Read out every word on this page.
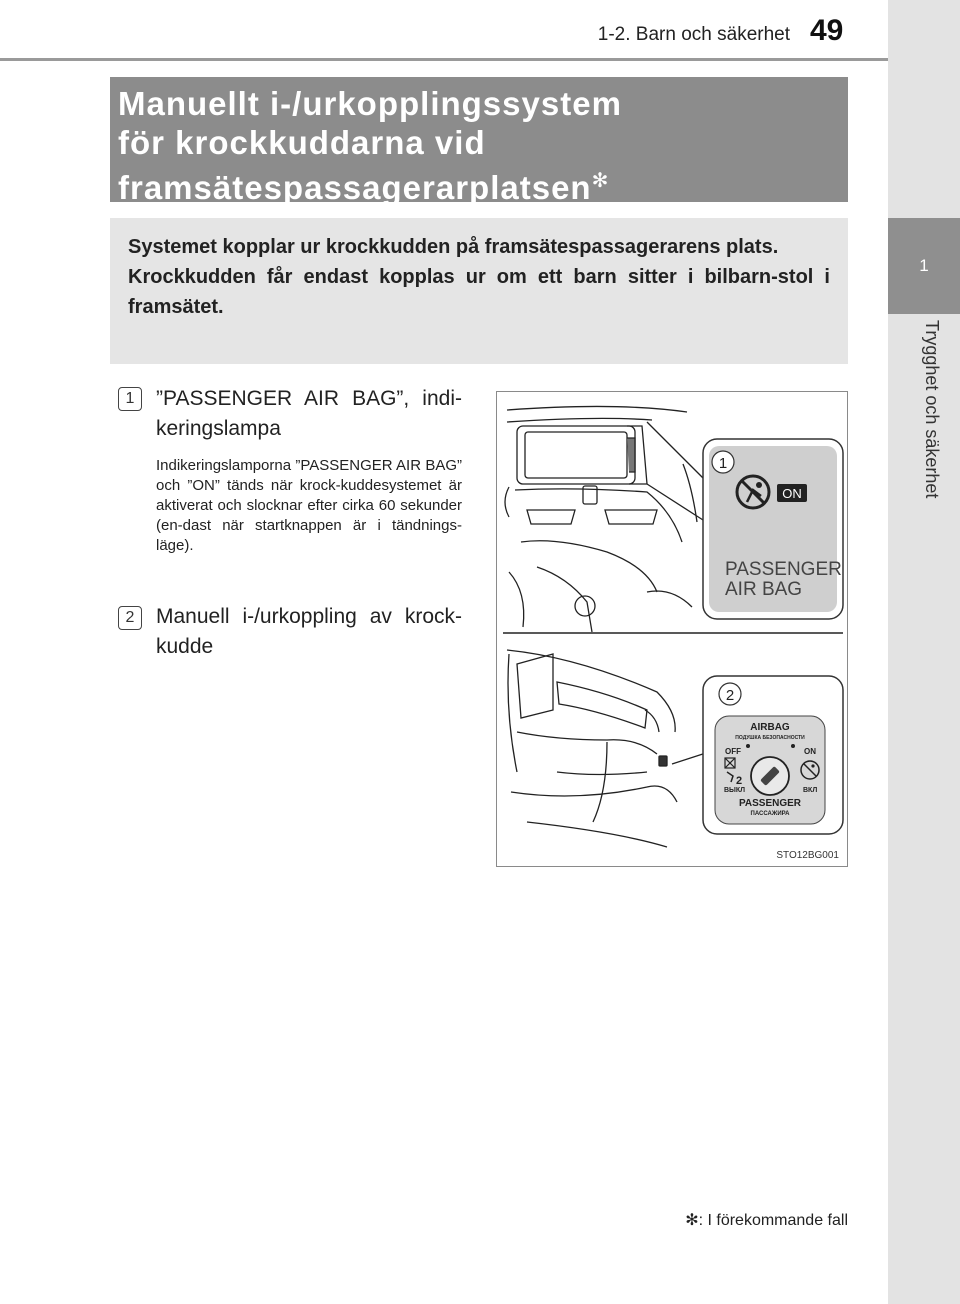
1-2. Barn och säkerhet 49
1
Trygghet och säkerhet
Manuellt i-/urkopplingssystem
för krockkuddarna vid
framsätespassagerarplatsen✻

Systemet kopplar ur krockkudden på framsätespassagerarens plats.
Krockkudden får endast kopplas ur om ett barn sitter i bilbarn-stol i framsätet.

1	”PASSENGER AIR BAG”, indi-keringslampa

Indikeringslamporna ”PASSENGER AIR BAG” och ”ON” tänds när krock-kuddesystemet är aktiverat och slocknar efter cirka 60 sekunder (en-dast när startknappen är i tändnings-läge).

2	Manuell i-/urkoppling av krock-kudde

1
ON
PASSENGER
AIR BAG
2
AIRBAG
ПОДУШКА БЕЗОПАСНОСТИ
OFF	ON
2
ВЫКЛ	ВКЛ
PASSENGER
ПАССАЖИРА
STO12BG001
✻: I förekommande fall
